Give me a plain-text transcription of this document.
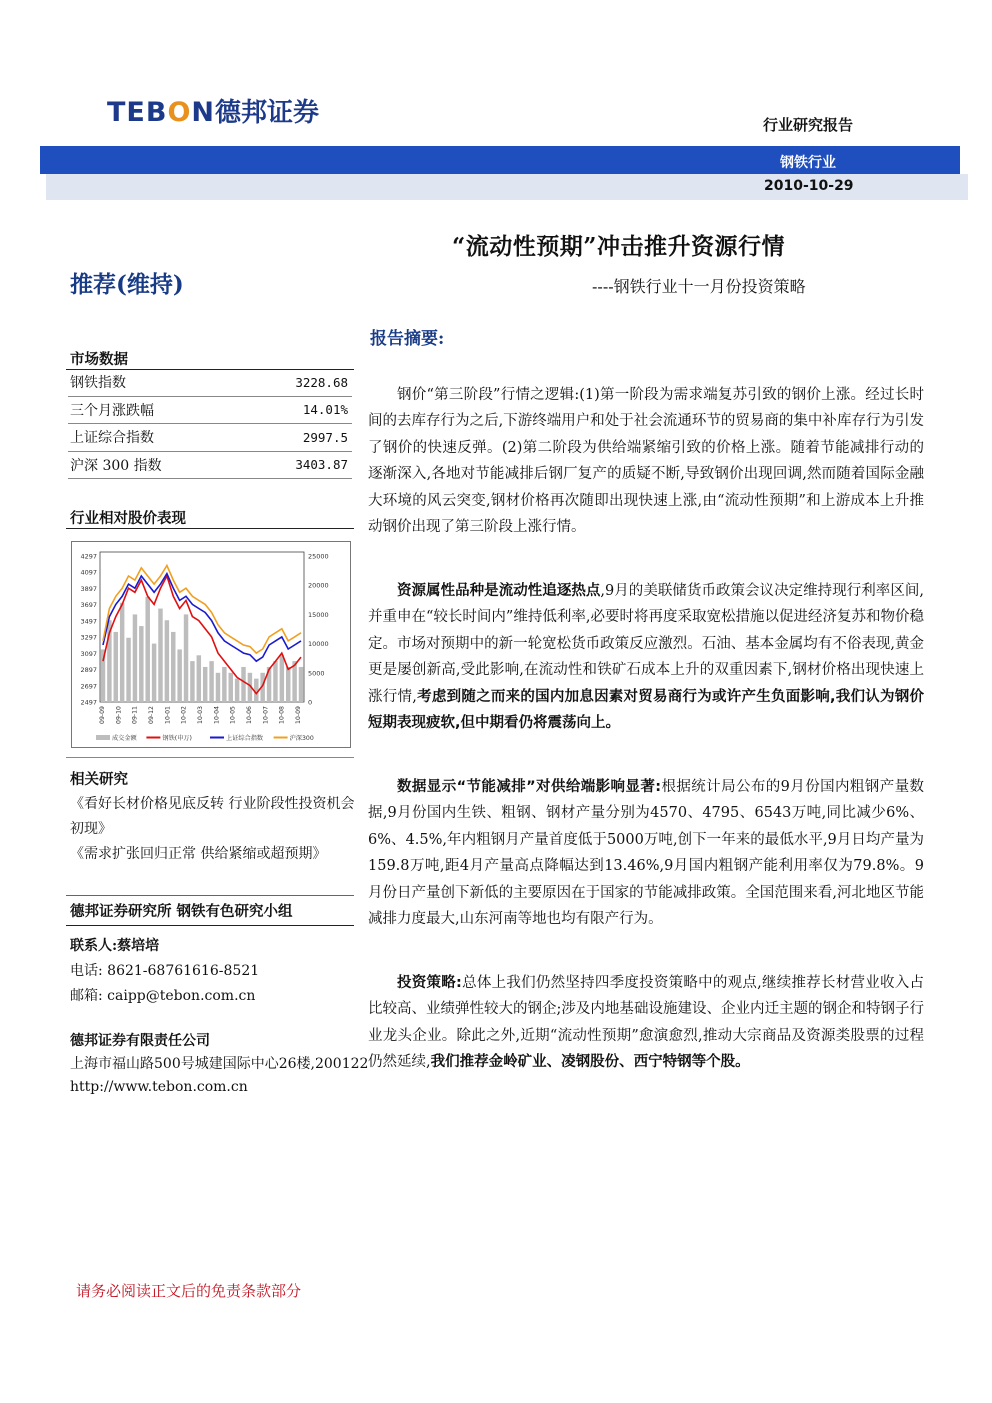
TEBON德邦证券	行业研究报告
钢铁行业
2010-10-29
“流动性预期”冲击推升资源行情
推荐(维持)	----钢铁行业十一月份投资策略
报告摘要:
市场数据
钢铁指数	3228.68
三个月涨跌幅	14.01%
上证综合指数	2997.5
沪深 300 指数	3403.87
行业相对股价表现
4297
4097
3897
3697
3497
3297
3097
2897
2697
2497
25000
20000
15000
10000
5000
0
09-09 09-10 09-11 09-12 10-01 10-02 10-03 10-04 10-05 10-06 10-07 10-08 10-09
成交金额	钢铁(申万)	上证综合指数	沪深300
相关研究
《看好长材价格见底反转 行业阶段性投资机会初现》
《需求扩张回归正常 供给紧缩或超预期》
德邦证券研究所 钢铁有色研究小组
联系人:蔡培培
电话: 8621-68761616-8521
邮箱: caipp@tebon.com.cn
德邦证券有限责任公司
上海市福山路500号城建国际中心26楼,200122
http://www.tebon.com.cn
请务必阅读正文后的免责条款部分

钢价“第三阶段”行情之逻辑:(1)第一阶段为需求端复苏引致的钢价上涨。经过长时间的去库存行为之后,下游终端用户和处于社会流通环节的贸易商的集中补库存行为引发了钢价的快速反弹。(2)第二阶段为供给端紧缩引致的价格上涨。随着节能减排行动的逐渐深入,各地对节能减排后钢厂复产的质疑不断,导致钢价出现回调,然而随着国际金融大环境的风云突变,钢材价格再次随即出现快速上涨,由“流动性预期”和上游成本上升推动钢价出现了第三阶段上涨行情。

资源属性品种是流动性追逐热点,9月的美联储货币政策会议决定维持现行利率区间,并重申在“较长时间内”维持低利率,必要时将再度采取宽松措施以促进经济复苏和物价稳定。市场对预期中的新一轮宽松货币政策反应激烈。石油、基本金属均有不俗表现,黄金更是屡创新高,受此影响,在流动性和铁矿石成本上升的双重因素下,钢材价格出现快速上涨行情,考虑到随之而来的国内加息因素对贸易商行为或许产生负面影响,我们认为钢价短期表现疲软,但中期看仍将震荡向上。

数据显示“节能减排”对供给端影响显著:根据统计局公布的9月份国内粗钢产量数据,9月份国内生铁、粗钢、钢材产量分别为4570、4795、6543万吨,同比减少6%、6%、4.5%,年内粗钢月产量首度低于5000万吨,创下一年来的最低水平,9月日均产量为159.8万吨,距4月产量高点降幅达到13.46%,9月国内粗钢产能利用率仅为79.8%。9月份日产量创下新低的主要原因在于国家的节能减排政策。全国范围来看,河北地区节能减排力度最大,山东河南等地也均有限产行为。

投资策略:总体上我们仍然坚持四季度投资策略中的观点,继续推荐长材营业收入占比较高、业绩弹性较大的钢企;涉及内地基础设施建设、企业内迁主题的钢企和特钢子行业龙头企业。除此之外,近期“流动性预期”愈演愈烈,推动大宗商品及资源类股票的过程仍然延续,我们推荐金岭矿业、凌钢股份、西宁特钢等个股。
